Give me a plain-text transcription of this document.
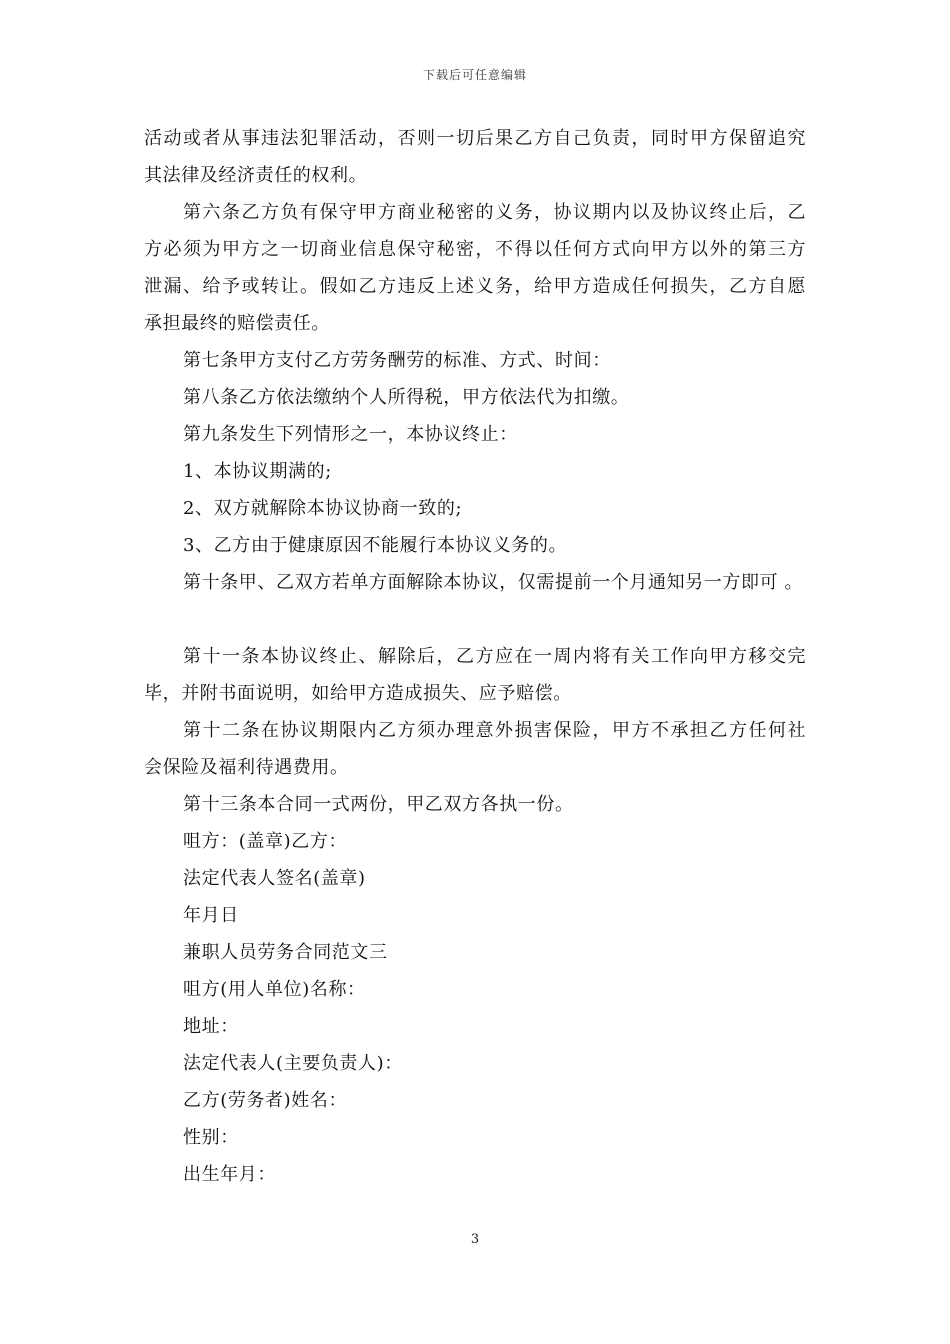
下载后可任意编辑
活动或者从事违法犯罪活动，否则一切后果乙方自己负责，同时甲方保留追究
其法律及经济责任的权利。
第六条乙方负有保守甲方商业秘密的义务，协议期内以及协议终止后，乙
方必须为甲方之一切商业信息保守秘密，不得以任何方式向甲方以外的第三方
泄漏、给予或转让。假如乙方违反上述义务，给甲方造成任何损失，乙方自愿
承担最终的赔偿责任。
第七条甲方支付乙方劳务酬劳的标准、方式、时间：
第八条乙方依法缴纳个人所得税，甲方依法代为扣缴。
第九条发生下列情形之一，本协议终止：
1、本协议期满的;
2、双方就解除本协议协商一致的;
3、乙方由于健康原因不能履行本协议义务的。
第十条甲、乙双方若单方面解除本协议，仅需提前一个月通知另一方即可 。
第十一条本协议终止、解除后，乙方应在一周内将有关工作向甲方移交完
毕，并附书面说明，如给甲方造成损失、应予赔偿。
第十二条在协议期限内乙方须办理意外损害保险，甲方不承担乙方任何社
会保险及福利待遇费用。
第十三条本合同一式两份，甲乙双方各执一份。
咀方：(盖章)乙方：
法定代表人签名(盖章)
年月日
兼职人员劳务合同范文三
咀方(用人单位)名称：
地址：
法定代表人(主要负责人)：
乙方(劳务者)姓名：
性别：
出生年月：
3
